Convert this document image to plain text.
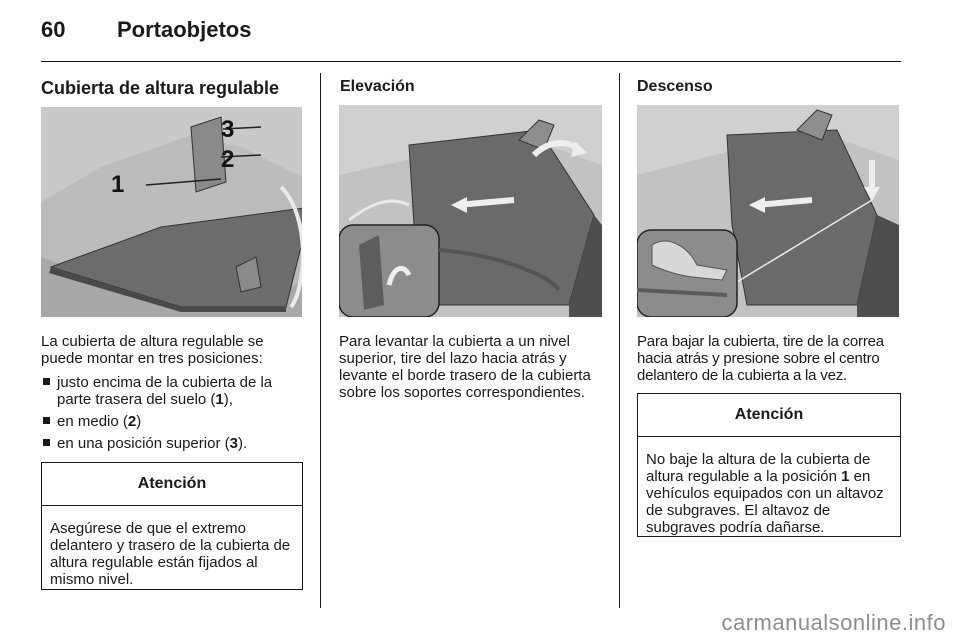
60 Portaobjetos
Cubierta de altura regulable
1
2
3
La cubierta de altura regulable se puede montar en tres posiciones:
justo encima de la cubierta de la parte trasera del suelo (1),
en medio (2)
en una posición superior (3).
Atención
Asegúrese de que el extremo delantero y trasero de la cubierta de altura regulable están fijados al mismo nivel.
Elevación
Para levantar la cubierta a un nivel superior, tire del lazo hacia atrás y levante el borde trasero de la cubierta sobre los soportes correspondientes.
Descenso
Para bajar la cubierta, tire de la correa hacia atrás y presione sobre el centro delantero de la cubierta a la vez.
Atención
No baje la altura de la cubierta de altura regulable a la posición 1 en vehículos equipados con un altavoz de subgraves. El altavoz de subgraves podría dañarse.
carmanualsonline.info
